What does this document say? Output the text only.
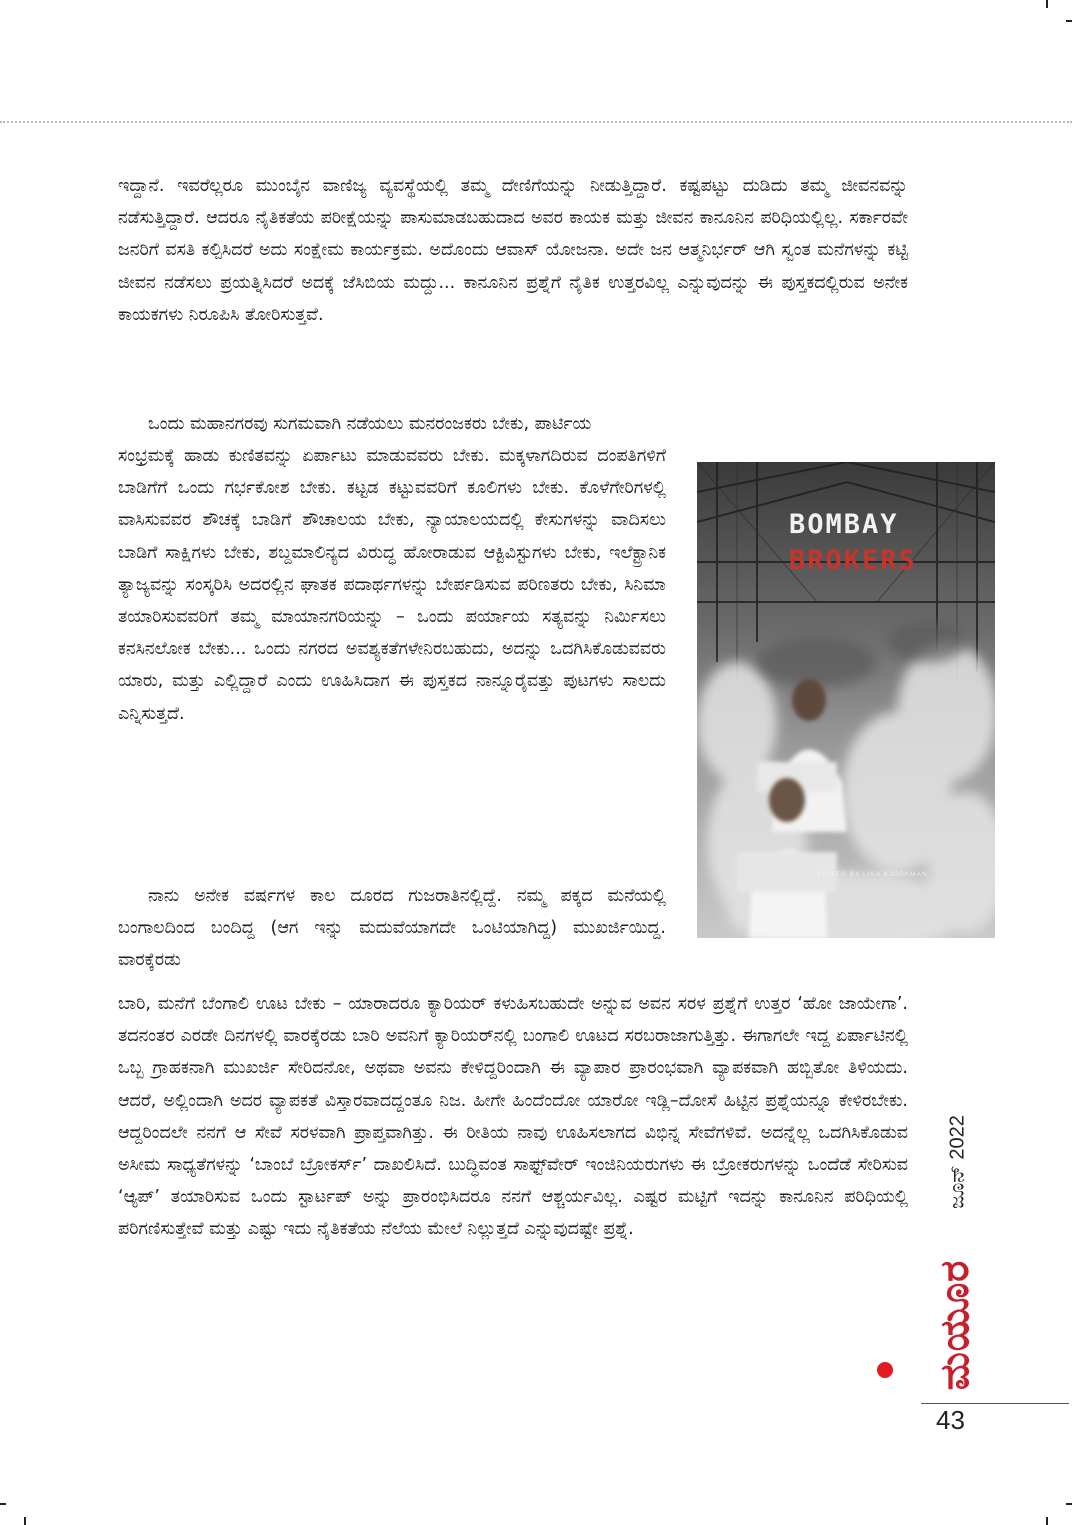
ಇದ್ದಾನೆ. ಇವರೆಲ್ಲರೂ ಮುಂಬೈನ ವಾಣಿಜ್ಯ ವ್ಯವಸ್ಥೆಯಲ್ಲಿ ತಮ್ಮ ದೇಣಿಗೆಯನ್ನು ನೀಡುತ್ತಿದ್ದಾರೆ. ಕಷ್ಟಪಟ್ಟು ದುಡಿದು ತಮ್ಮ ಜೀವನವನ್ನು ನಡೆಸುತ್ತಿದ್ದಾರೆ. ಆದರೂ ನೈತಿಕತೆಯ ಪರೀಕ್ಷೆಯನ್ನು ಪಾಸುಮಾಡಬಹುದಾದ ಅವರ ಕಾಯಕ ಮತ್ತು ಜೀವನ ಕಾನೂನಿನ ಪರಿಧಿಯಲ್ಲಿಲ್ಲ. ಸರ್ಕಾರವೇ ಜನರಿಗೆ ವಸತಿ ಕಲ್ಪಿಸಿದರೆ ಅದು ಸಂಕ್ಷೇಮ ಕಾರ್ಯಕ್ರಮ. ಅದೊಂದು ಆವಾಸ್ ಯೋಜನಾ. ಅದೇ ಜನ ಆತ್ಮನಿರ್ಭರ್ ಆಗಿ ಸ್ವಂತ ಮನೆಗಳನ್ನು ಕಟ್ಟಿ ಜೀವನ ನಡೆಸಲು ಪ್ರಯತ್ನಿಸಿದರೆ ಅದಕ್ಕೆ ಜೆಸಿಬಿಯ ಮದ್ದು... ಕಾನೂನಿನ ಪ್ರಶ್ನೆಗೆ ನೈತಿಕ ಉತ್ತರವಿಲ್ಲ ಎನ್ನುವುದನ್ನು ಈ ಪುಸ್ತಕದಲ್ಲಿರುವ ಅನೇಕ ಕಾಯಕಗಳು ನಿರೂಪಿಸಿ ತೋರಿಸುತ್ತವೆ.

ಒಂದು ಮಹಾನಗರವು ಸುಗಮವಾಗಿ ನಡೆಯಲು ಮನರಂಜಕರು ಬೇಕು, ಪಾರ್ಟಿಯ

ಸಂಭ್ರಮಕ್ಕೆ ಹಾಡು ಕುಣಿತವನ್ನು ಏರ್ಪಾಟು ಮಾಡುವವರು ಬೇಕು. ಮಕ್ಕಳಾಗದಿರುವ ದಂಪತಿಗಳಿಗೆ ಬಾಡಿಗೆಗೆ ಒಂದು ಗರ್ಭಕೋಶ ಬೇಕು. ಕಟ್ಟಡ ಕಟ್ಟುವವರಿಗೆ ಕೂಲಿಗಳು ಬೇಕು. ಕೊಳೆಗೇರಿಗಳಲ್ಲಿ ವಾಸಿಸುವವರ ಶೌಚಕ್ಕೆ ಬಾಡಿಗೆ ಶೌಚಾಲಯ ಬೇಕು, ನ್ಯಾಯಾಲಯದಲ್ಲಿ ಕೇಸುಗಳನ್ನು ವಾದಿಸಲು ಬಾಡಿಗೆ ಸಾಕ್ಷಿಗಳು ಬೇಕು, ಶಬ್ದಮಾಲಿನ್ಯದ ವಿರುದ್ಧ ಹೋರಾಡುವ ಆಕ್ಟಿವಿಸ್ಟುಗಳು ಬೇಕು, ಇಲೆಕ್ಟ್ರಾನಿಕ ತ್ಯಾಜ್ಯವನ್ನು ಸಂಸ್ಕರಿಸಿ ಅದರಲ್ಲಿನ ಘಾತಕ ಪದಾರ್ಥಗಳನ್ನು ಬೇರ್ಪಡಿಸುವ ಪರಿಣತರು ಬೇಕು, ಸಿನಿಮಾ ತಯಾರಿಸುವವರಿಗೆ ತಮ್ಮ ಮಾಯಾನಗರಿಯನ್ನು – ಒಂದು ಪರ್ಯಾಯ ಸತ್ಯವನ್ನು ನಿರ್ಮಿಸಲು ಕನಸಿನಲೋಕ ಬೇಕು... ಒಂದು ನಗರದ ಅವಶ್ಯಕತೆಗಳೇನಿರಬಹುದು, ಅದನ್ನು ಒದಗಿಸಿಕೊಡುವವರು ಯಾರು, ಮತ್ತು ಎಲ್ಲಿದ್ದಾರೆ ಎಂದು ಊಹಿಸಿದಾಗ ಈ ಪುಸ್ತಕದ ನಾನ್ನೂರೈವತ್ತು ಪುಟಗಳು ಸಾಲದು ಎನ್ನಿಸುತ್ತದೆ.

ನಾನು ಅನೇಕ ವರ್ಷಗಳ ಕಾಲ ದೂರದ ಗುಜರಾತಿನಲ್ಲಿದ್ದೆ. ನಮ್ಮ ಪಕ್ಕದ ಮನೆಯಲ್ಲಿ ಬಂಗಾಲದಿಂದ ಬಂದಿದ್ದ (ಆಗ ಇನ್ನು ಮದುವೆಯಾಗದೇ ಒಂಟಿಯಾಗಿದ್ದ) ಮುಖರ್ಜಿಯಿದ್ದ. ವಾರಕ್ಕೆರಡು

ಬಾರಿ, ಮನೆಗೆ ಬೆಂಗಾಲಿ ಊಟ ಬೇಕು – ಯಾರಾದರೂ ಕ್ಯಾರಿಯರ್ ಕಳುಹಿಸಬಹುದೇ ಅನ್ನುವ ಅವನ ಸರಳ ಪ್ರಶ್ನೆಗೆ ಉತ್ತರ ‘ಹೋ ಜಾಯೇಗಾ’. ತದನಂತರ ಎರಡೇ ದಿನಗಳಲ್ಲಿ ವಾರಕ್ಕೆರಡು ಬಾರಿ ಅವನಿಗೆ ಕ್ಯಾರಿಯರ್‌ನಲ್ಲಿ ಬಂಗಾಲಿ ಊಟದ ಸರಬರಾಜಾಗುತ್ತಿತ್ತು. ಈಗಾಗಲೇ ಇದ್ದ ಏರ್ಪಾಟಿನಲ್ಲಿ ಒಬ್ಬ ಗ್ರಾಹಕನಾಗಿ ಮುಖರ್ಜಿ ಸೇರಿದನೋ, ಅಥವಾ ಅವನು ಕೇಳಿದ್ದರಿಂದಾಗಿ ಈ ವ್ಯಾಪಾರ ಪ್ರಾರಂಭವಾಗಿ ವ್ಯಾಪಕವಾಗಿ ಹಬ್ಬಿತೋ ತಿಳಿಯದು. ಆದರೆ, ಅಲ್ಲಿಂದಾಗಿ ಅದರ ವ್ಯಾಪಕತೆ ವಿಸ್ತಾರವಾದದ್ದಂತೂ ನಿಜ. ಹೀಗೇ ಹಿಂದೆಂದೋ ಯಾರೋ ಇಡ್ಲಿ–ದೋಸೆ ಹಿಟ್ಟಿನ ಪ್ರಶ್ನೆಯನ್ನೂ ಕೇಳಿರಬೇಕು. ಆದ್ದರಿಂದಲೇ ನನಗೆ ಆ ಸೇವೆ ಸರಳವಾಗಿ ಪ್ರಾಪ್ತವಾಗಿತ್ತು. ಈ ರೀತಿಯ ನಾವು ಊಹಿಸಲಾಗದ ವಿಭಿನ್ನ ಸೇವೆಗಳಿವೆ. ಅದನ್ನೆಲ್ಲ ಒದಗಿಸಿಕೊಡುವ ಅಸೀಮ ಸಾಧ್ಯತೆಗಳನ್ನು ‘ಬಾಂಬೆ ಬ್ರೋಕರ್ಸ್’ ದಾಖಲಿಸಿದೆ. ಬುದ್ಧಿವಂತ ಸಾಫ್ಟ್‌ವೇರ್ ಇಂಜಿನಿಯರುಗಳು ಈ ಬ್ರೋಕರುಗಳನ್ನು ಒಂದೆಡೆ ಸೇರಿಸುವ ‘ಆ್ಯಪ್’ ತಯಾರಿಸುವ ಒಂದು ಸ್ಟಾರ್ಟಪ್ ಅನ್ನು ಪ್ರಾರಂಭಿಸಿದರೂ ನನಗೆ ಆಶ್ಚರ್ಯವಿಲ್ಲ. ಎಷ್ಟರ ಮಟ್ಟಿಗೆ ಇದನ್ನು ಕಾನೂನಿನ ಪರಿಧಿಯಲ್ಲಿ ಪರಿಗಣಿಸುತ್ತೇವೆ ಮತ್ತು ಎಷ್ಟು ಇದು ನೈತಿಕತೆಯ ನೆಲೆಯ ಮೇಲೆ ನಿಲ್ಲುತ್ತದೆ ಎನ್ನುವುದಷ್ಟೇ ಪ್ರಶ್ನೆ.

BOMBAY
BROKERS
EDITED BY LISA BJÖRKMAN
ಜೂನ್ 2022
ಮಯೂರ
43
